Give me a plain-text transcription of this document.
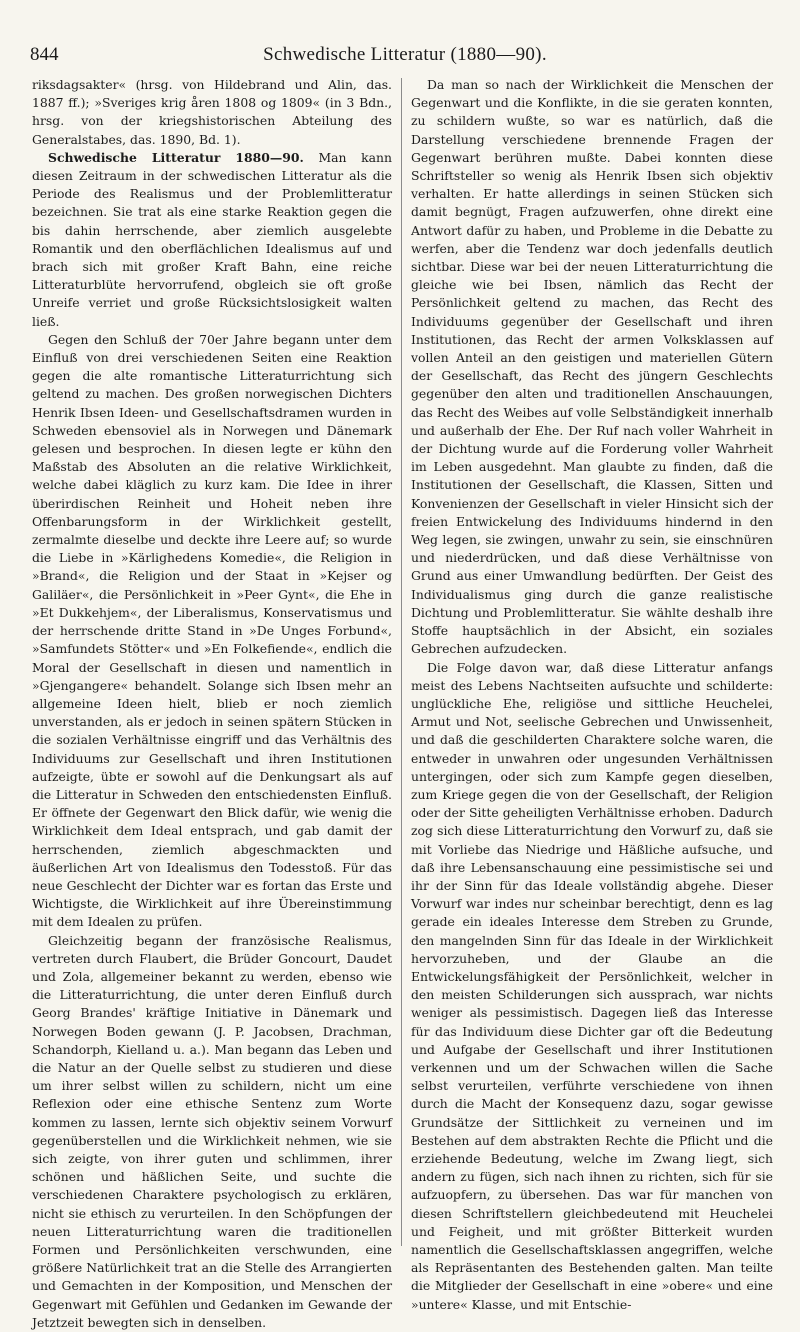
844	Schwedische Litteratur (1880—90).

riksdagsakter« (hrsg. von Hildebrand und Alin, das. 1887 ff.); »Sveriges krig åren 1808 og 1809« (in 3 Bdn., hrsg. von der kriegshistorischen Abteilung des Generalstabes, das. 1890, Bd. 1).

Schwedische Litteratur 1880—90. Man kann diesen Zeitraum in der schwedischen Litteratur als die Periode des Realismus und der Problemlitteratur bezeichnen. Sie trat als eine starke Reaktion gegen die bis dahin herrschende, aber ziemlich ausgelebte Romantik und den oberflächlichen Idealismus auf und brach sich mit großer Kraft Bahn, eine reiche Litteraturblüte hervorrufend, obgleich sie oft große Unreife verriet und große Rücksichtslosigkeit walten ließ.

Gegen den Schluß der 70er Jahre begann unter dem Einfluß von drei verschiedenen Seiten eine Reaktion gegen die alte romantische Litteraturrichtung sich geltend zu machen. Des großen norwegischen Dichters Henrik Ibsen Ideen- und Gesellschaftsdramen wurden in Schweden ebensoviel als in Norwegen und Dänemark gelesen und besprochen. In diesen legte er kühn den Maßstab des Absoluten an die relative Wirklichkeit, welche dabei kläglich zu kurz kam. Die Idee in ihrer überirdischen Reinheit und Hoheit neben ihre Offenbarungsform in der Wirklichkeit gestellt, zermalmte dieselbe und deckte ihre Leere auf; so wurde die Liebe in »Kärlighedens Komedie«, die Religion in »Brand«, die Religion und der Staat in »Kejser og Galiläer«, die Persönlichkeit in »Peer Gynt«, die Ehe in »Et Dukkehjem«, der Liberalismus, Konservatismus und der herrschende dritte Stand in »De Unges Forbund«, »Samfundets Stötter« und »En Folkefiende«, endlich die Moral der Gesellschaft in diesen und namentlich in »Gjengangere« behandelt. Solange sich Ibsen mehr an allgemeine Ideen hielt, blieb er noch ziemlich unverstanden, als er jedoch in seinen spätern Stücken in die sozialen Verhältnisse eingriff und das Verhältnis des Individuums zur Gesellschaft und ihren Institutionen aufzeigte, übte er sowohl auf die Denkungsart als auf die Litteratur in Schweden den entschiedensten Einfluß. Er öffnete der Gegenwart den Blick dafür, wie wenig die Wirklichkeit dem Ideal entsprach, und gab damit der herrschenden, ziemlich abgeschmackten und äußerlichen Art von Idealismus den Todesstoß. Für das neue Geschlecht der Dichter war es fortan das Erste und Wichtigste, die Wirklichkeit auf ihre Übereinstimmung mit dem Idealen zu prüfen.

Gleichzeitig begann der französische Realismus, vertreten durch Flaubert, die Brüder Goncourt, Daudet und Zola, allgemeiner bekannt zu werden, ebenso wie die Litteraturrichtung, die unter deren Einfluß durch Georg Brandes' kräftige Initiative in Dänemark und Norwegen Boden gewann (J. P. Jacobsen, Drachman, Schandorph, Kielland u. a.). Man begann das Leben und die Natur an der Quelle selbst zu studieren und diese um ihrer selbst willen zu schildern, nicht um eine Reflexion oder eine ethische Sentenz zum Worte kommen zu lassen, lernte sich objektiv seinem Vorwurf gegenüberstellen und die Wirklichkeit nehmen, wie sie sich zeigte, von ihrer guten und schlimmen, ihrer schönen und häßlichen Seite, und suchte die verschiedenen Charaktere psychologisch zu erklären, nicht sie ethisch zu verurteilen. In den Schöpfungen der neuen Litteraturrichtung waren die traditionellen Formen und Persönlichkeiten verschwunden, eine größere Natürlichkeit trat an die Stelle des Arrangierten und Gemachten in der Komposition, und Menschen der Gegenwart mit Gefühlen und Gedanken im Gewande der Jetztzeit bewegten sich in denselben.

Da man so nach der Wirklichkeit die Menschen der Gegenwart und die Konflikte, in die sie geraten konnten, zu schildern wußte, so war es natürlich, daß die Darstellung verschiedene brennende Fragen der Gegenwart berühren mußte. Dabei konnten diese Schriftsteller so wenig als Henrik Ibsen sich objektiv verhalten. Er hatte allerdings in seinen Stücken sich damit begnügt, Fragen aufzuwerfen, ohne direkt eine Antwort dafür zu haben, und Probleme in die Debatte zu werfen, aber die Tendenz war doch jedenfalls deutlich sichtbar. Diese war bei der neuen Litteraturrichtung die gleiche wie bei Ibsen, nämlich das Recht der Persönlichkeit geltend zu machen, das Recht des Individuums gegenüber der Gesellschaft und ihren Institutionen, das Recht der armen Volksklassen auf vollen Anteil an den geistigen und materiellen Gütern der Gesellschaft, das Recht des jüngern Geschlechts gegenüber den alten und traditionellen Anschauungen, das Recht des Weibes auf volle Selbständigkeit innerhalb und außerhalb der Ehe. Der Ruf nach voller Wahrheit in der Dichtung wurde auf die Forderung voller Wahrheit im Leben ausgedehnt. Man glaubte zu finden, daß die Institutionen der Gesellschaft, die Klassen, Sitten und Konvenienzen der Gesellschaft in vieler Hinsicht sich der freien Entwickelung des Individuums hindernd in den Weg legen, sie zwingen, unwahr zu sein, sie einschnüren und niederdrücken, und daß diese Verhältnisse von Grund aus einer Umwandlung bedürften. Der Geist des Individualismus ging durch die ganze realistische Dichtung und Problemlitteratur. Sie wählte deshalb ihre Stoffe hauptsächlich in der Absicht, ein soziales Gebrechen aufzudecken.

Die Folge davon war, daß diese Litteratur anfangs meist des Lebens Nachtseiten aufsuchte und schilderte: unglückliche Ehe, religiöse und sittliche Heuchelei, Armut und Not, seelische Gebrechen und Unwissenheit, und daß die geschilderten Charaktere solche waren, die entweder in unwahren oder ungesunden Verhältnissen untergingen, oder sich zum Kampfe gegen dieselben, zum Kriege gegen die von der Gesellschaft, der Religion oder der Sitte geheiligten Verhältnisse erhoben. Dadurch zog sich diese Litteraturrichtung den Vorwurf zu, daß sie mit Vorliebe das Niedrige und Häßliche aufsuche, und daß ihre Lebensanschauung eine pessimistische sei und ihr der Sinn für das Ideale vollständig abgehe. Dieser Vorwurf war indes nur scheinbar berechtigt, denn es lag gerade ein ideales Interesse dem Streben zu Grunde, den mangelnden Sinn für das Ideale in der Wirklichkeit hervorzuheben, und der Glaube an die Entwickelungsfähigkeit der Persönlichkeit, welcher in den meisten Schilderungen sich aussprach, war nichts weniger als pessimistisch. Dagegen ließ das Interesse für das Individuum diese Dichter gar oft die Bedeutung und Aufgabe der Gesellschaft und ihrer Institutionen verkennen und um der Schwachen willen die Sache selbst verurteilen, verführte verschiedene von ihnen durch die Macht der Konsequenz dazu, sogar gewisse Grundsätze der Sittlichkeit zu verneinen und im Bestehen auf dem abstrakten Rechte die Pflicht und die erziehende Bedeutung, welche im Zwang liegt, sich andern zu fügen, sich nach ihnen zu richten, sich für sie aufzuopfern, zu übersehen. Das war für manchen von diesen Schriftstellern gleichbedeutend mit Heuchelei und Feigheit, und mit größter Bitterkeit wurden namentlich die Gesellschaftsklassen angegriffen, welche als Repräsentanten des Bestehenden galten. Man teilte die Mitglieder der Gesellschaft in eine »obere« und eine »untere« Klasse, und mit Entschie-
